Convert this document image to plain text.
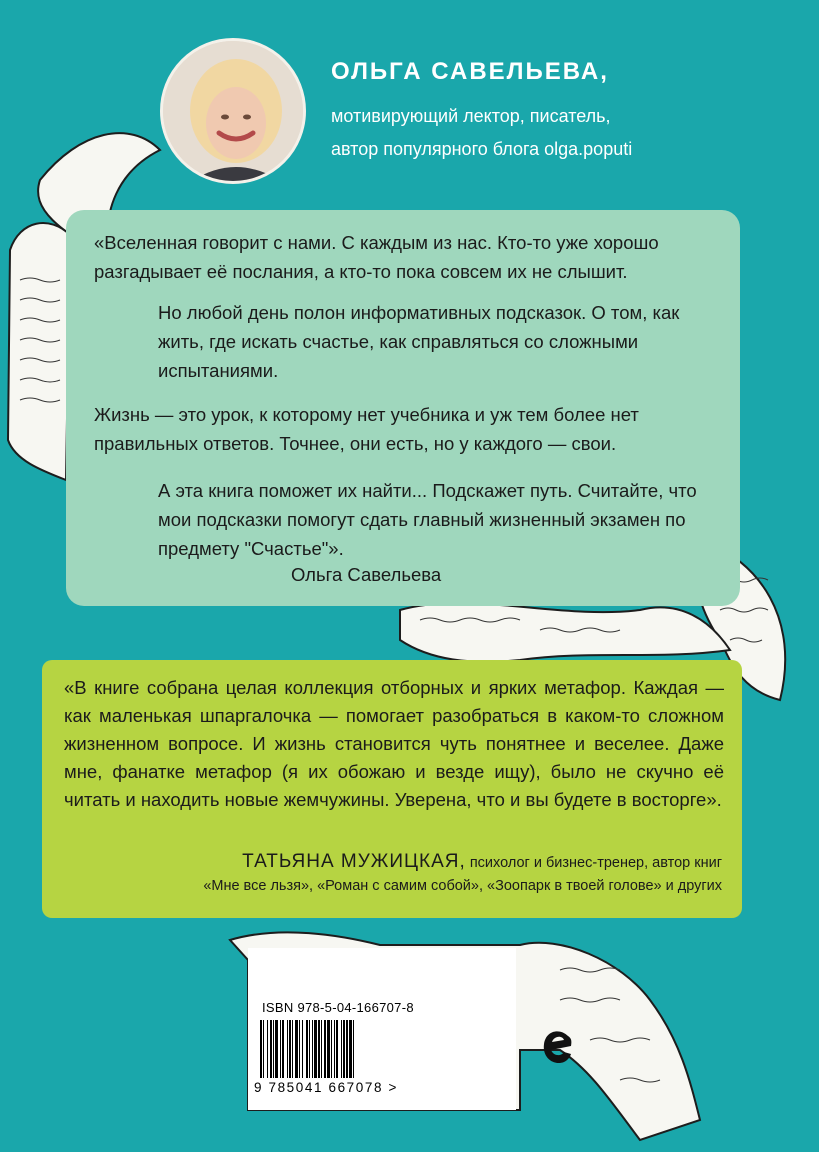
ОЛЬГА САВЕЛЬЕВА,
мотивирующий лектор, писатель,
автор популярного блога olga.poputi

«Вселенная говорит с нами. С каждым из нас. Кто-то уже хорошо разгадывает её послания, а кто-то пока совсем их не слышит.

Но любой день полон информативных подсказок. О том, как жить, где искать счастье, как справляться со сложными испытаниями.

Жизнь — это урок, к которому нет учебника и уж тем более нет правильных ответов. Точнее, они есть, но у каждого — свои.

А эта книга поможет их найти... Подскажет путь. Считайте, что мои подсказки помогут сдать главный жизненный экзамен по предмету "Счастье"».

Ольга Савельева
«В книге собрана целая коллекция отборных и ярких метафор. Каждая — как маленькая шпаргалочка — помогает разобраться в каком-то сложном жизненном вопросе. И жизнь становится чуть понятнее и веселее. Даже мне, фанатке метафор (я их обожаю и везде ищу), было не скучно её читать и находить новые жемчужины. Уверена, что и вы будете в восторге».
ТАТЬЯНА МУЖИЦКАЯ, психолог и бизнес-тренер, автор книг
«Мне все льзя», «Роман с самим собой», «Зоопарк в твоей голове» и других
ISBN 978-5-04-166707-8
9 785041 667078 >
